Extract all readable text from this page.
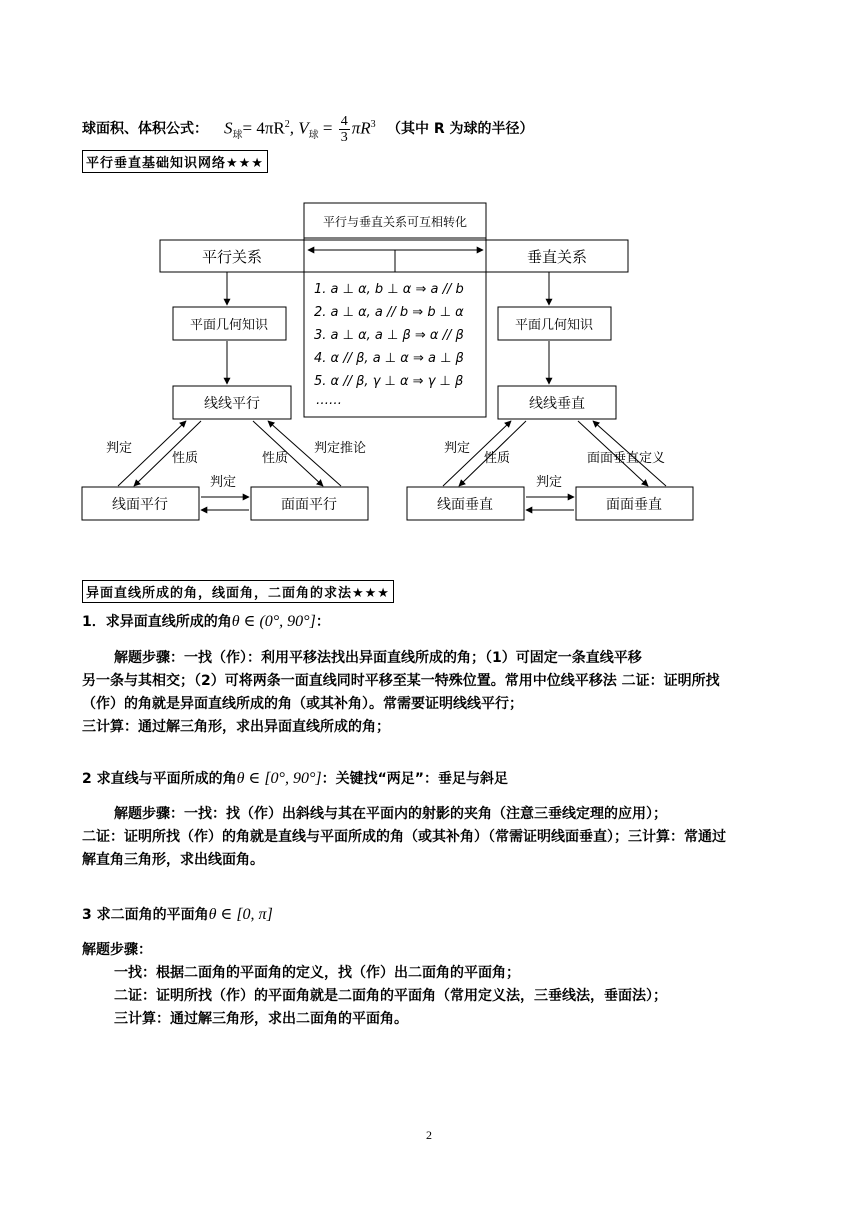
球面积、体积公式： $S_球= 4\pi R^2$, $V_球 = \frac{4}{3} \pi R^3$ （其中 R 为球的半径）
平行垂直基础知识网络★★★
平行与垂直关系可互相转化
平行关系	垂直关系
1. a ⊥ α, b ⊥ α ⇒ a // b
2. a ⊥ α, a // b ⇒ b ⊥ α
3. a ⊥ α, a ⊥ β ⇒ α // β
4. α // β, a ⊥ α ⇒ a ⊥ β
5. α // β, γ ⊥ α ⇒ γ ⊥ β
……
平面几何知识	平面几何知识
线线平行	线线垂直
线面平行	面面平行	线面垂直	面面垂直
判定
性质	性质
判定推论
判定
判定
性质	面面垂直定义
判定
异面直线所成的角，线面角，二面角的求法★★★
1．求异面直线所成的角θ ∈ (0°, 90°]：
解题步骤：一找（作）：利用平移法找出异面直线所成的角；（1）可固定一条直线平移
另一条与其相交；（2）可将两条一面直线同时平移至某一特殊位置。常用中位线平移法 二证：证明所找
（作）的角就是异面直线所成的角（或其补角）。常需要证明线线平行；
三计算：通过解三角形，求出异面直线所成的角；
2 求直线与平面所成的角θ ∈ [0°, 90°]：关键找“两足”：垂足与斜足
解题步骤：一找：找（作）出斜线与其在平面内的射影的夹角（注意三垂线定理的应用）；
二证：证明所找（作）的角就是直线与平面所成的角（或其补角）（常需证明线面垂直）；三计算：常通过
解直角三角形，求出线面角。
3 求二面角的平面角θ ∈ [0, π]
解题步骤：
一找：根据二面角的平面角的定义，找（作）出二面角的平面角；
二证：证明所找（作）的平面角就是二面角的平面角（常用定义法，三垂线法，垂面法）；
三计算：通过解三角形，求出二面角的平面角。
2
